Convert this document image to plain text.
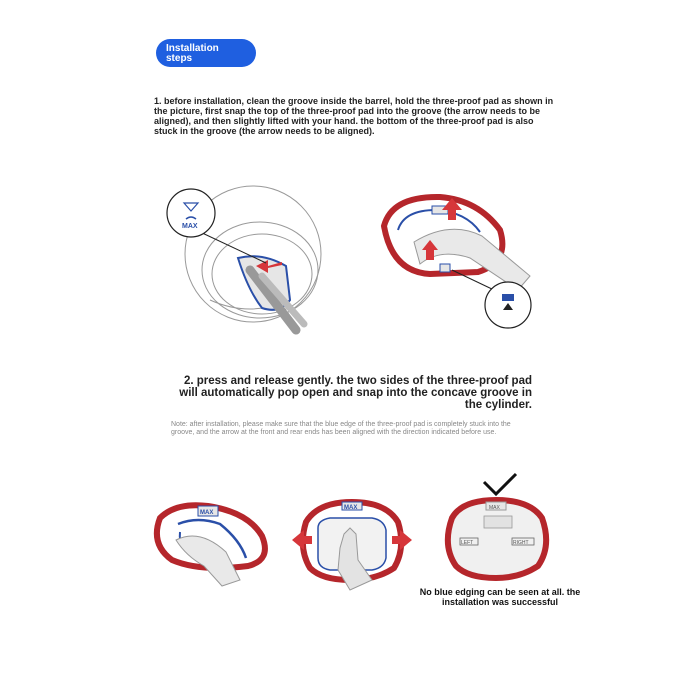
Installation
steps
1. before installation, clean the groove inside the barrel, hold the three-proof pad as shown in the picture, first snap the top of the three-proof pad into the groove (the arrow needs to be aligned), and then slightly lifted with your hand. the bottom of the three-proof pad is also stuck in the groove (the arrow needs to be aligned).
MAX
MAX
MAX	MAX
LEFT	RIGHT
2. press and release gently. the two sides of the three-proof pad will automatically pop open and snap into the concave groove in the cylinder.
Note: after installation, please make sure that the blue edge of the three-proof pad is completely stuck into the groove, and the arrow at the front and rear ends has been aligned with the direction indicated before use.
No blue edging can be seen at all. the installation was successful
